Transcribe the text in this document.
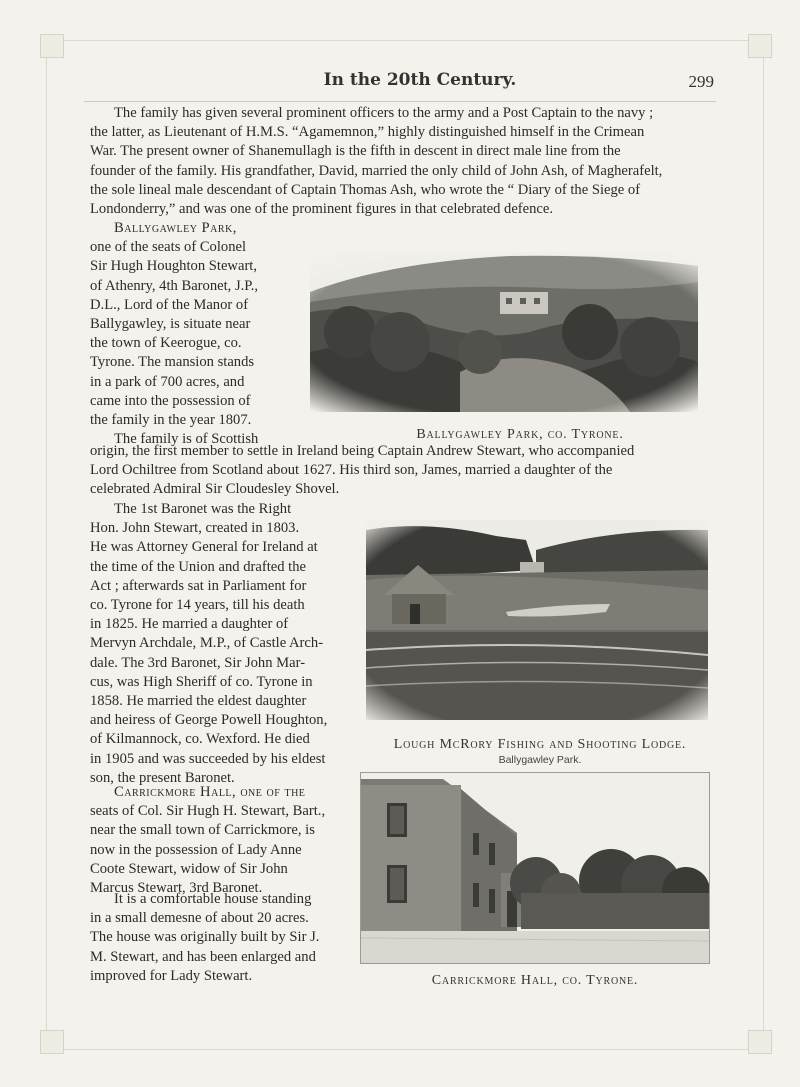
In the 20th Century.	299
The family has given several prominent officers to the army and a Post Captain to the navy ;
the latter, as Lieutenant of H.M.S. “Agamemnon,” highly distinguished himself in the Crimean
War. The present owner of Shanemullagh is the fifth in descent in direct male line from the
founder of the family. His grandfather, David, married the only child of John Ash, of Magherafelt,
the sole lineal male descendant of Captain Thomas Ash, who wrote the “ Diary of the Siege of
Londonderry,” and was one of the prominent figures in that celebrated defence.
Ballygawley Park,
one of the seats of Colonel
Sir Hugh Houghton Stewart,
of Athenry, 4th Baronet, J.P.,
D.L., Lord of the Manor of
Ballygawley, is situate near
the town of Keerogue, co.
Tyrone. The mansion stands
in a park of 700 acres, and
came into the possession of
the family in the year 1807.
The family is of Scottish	Ballygawley Park, co. Tyrone.
origin, the first member to settle in Ireland being Captain Andrew Stewart, who accompanied
Lord Ochiltree from Scotland about 1627. His third son, James, married a daughter of the
celebrated Admiral Sir Cloudesley Shovel.
The 1st Baronet was the Right
Hon. John Stewart, created in 1803.
He was Attorney General for Ireland at
the time of the Union and drafted the
Act ; afterwards sat in Parliament for
co. Tyrone for 14 years, till his death
in 1825. He married a daughter of
Mervyn Archdale, M.P., of Castle Arch-
dale. The 3rd Baronet, Sir John Mar-
cus, was High Sheriff of co. Tyrone in
1858. He married the eldest daughter
and heiress of George Powell Houghton,
of Kilmannock, co. Wexford. He died
in 1905 and was succeeded by his eldest
son, the present Baronet.
Lough McRory Fishing and Shooting Lodge.
Ballygawley Park.
Carrickmore Hall, one of the
seats of Col. Sir Hugh H. Stewart, Bart.,
near the small town of Carrickmore, is
now in the possession of Lady Anne
Coote Stewart, widow of Sir John
Marcus Stewart, 3rd Baronet.
It is a comfortable house standing
in a small demesne of about 20 acres.
The house was originally built by Sir J.
M. Stewart, and has been enlarged and
improved for Lady Stewart.	Carrickmore Hall, co. Tyrone.
